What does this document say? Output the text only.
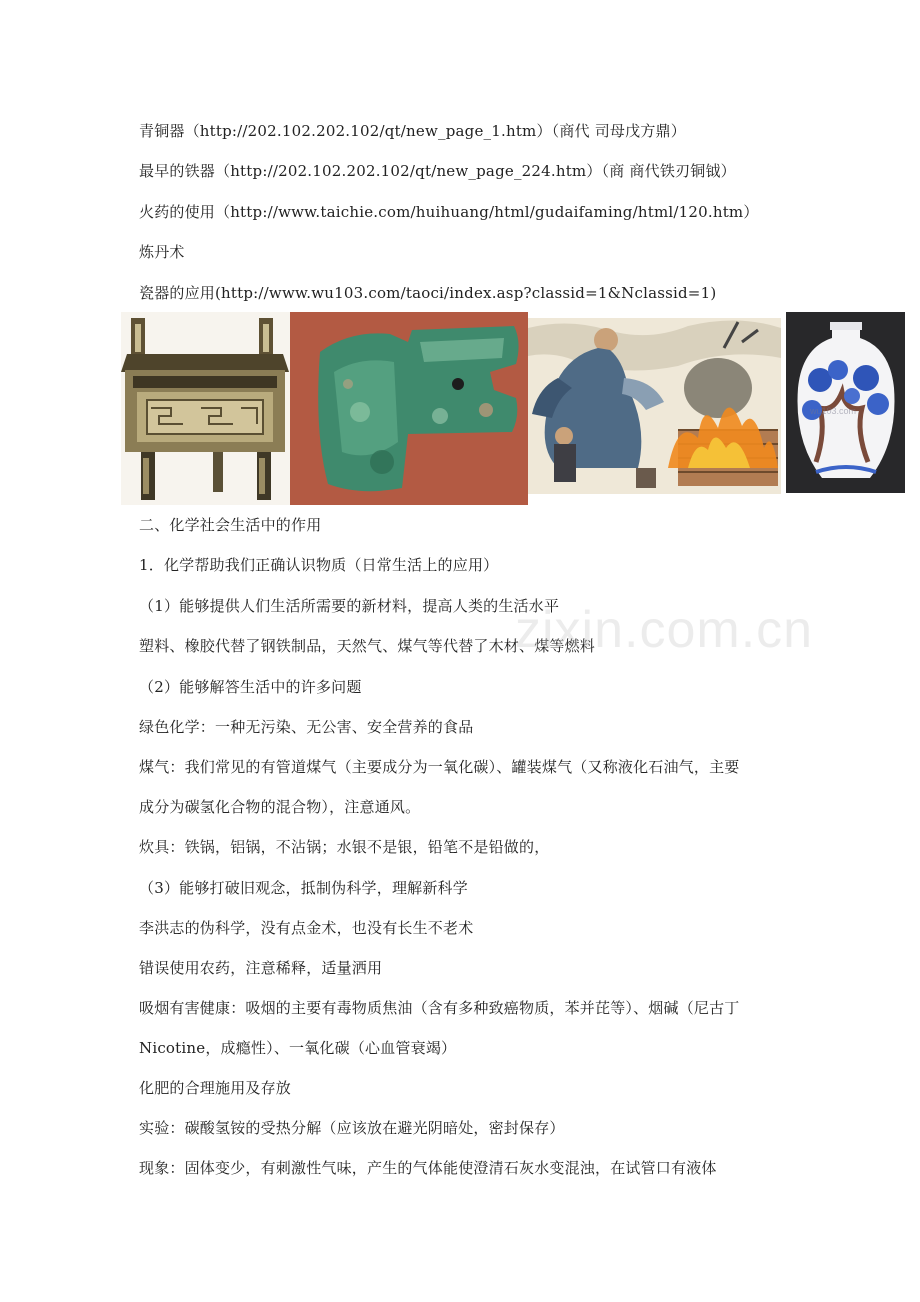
青铜器（http://202.102.202.102/qt/new_page_1.htm）（商代 司母戊方鼎）
最早的铁器（http://202.102.202.102/qt/new_page_224.htm）（商 商代铁刃铜钺）
火药的使用（http://www.taichie.com/huihuang/html/gudaifaming/html/120.htm）
炼丹术
瓷器的应用(http://www.wu103.com/taoci/index.asp?classid=1&Nclassid=1)
wu103.com
二、化学社会生活中的作用
1．化学帮助我们正确认识物质（日常生活上的应用）
（1）能够提供人们生活所需要的新材料，提高人类的生活水平
塑料、橡胶代替了钢铁制品，天然气、煤气等代替了木材、煤等燃料
（2）能够解答生活中的许多问题
绿色化学：一种无污染、无公害、安全营养的食品
煤气：我们常见的有管道煤气（主要成分为一氧化碳）、罐装煤气（又称液化石油气，主要
成分为碳氢化合物的混合物），注意通风。
炊具：铁锅，铝锅，不沾锅；水银不是银，铅笔不是铅做的，
（3）能够打破旧观念，抵制伪科学，理解新科学
李洪志的伪科学，没有点金术，也没有长生不老术
错误使用农药，注意稀释，适量洒用
吸烟有害健康：吸烟的主要有毒物质焦油（含有多种致癌物质，苯并芘等）、烟碱（尼古丁
Nicotine，成瘾性）、一氧化碳（心血管衰竭）
化肥的合理施用及存放
实验：碳酸氢铵的受热分解（应该放在避光阴暗处，密封保存）
现象：固体变少，有刺激性气味，产生的气体能使澄清石灰水变混浊，在试管口有液体
zixin.com.cn
